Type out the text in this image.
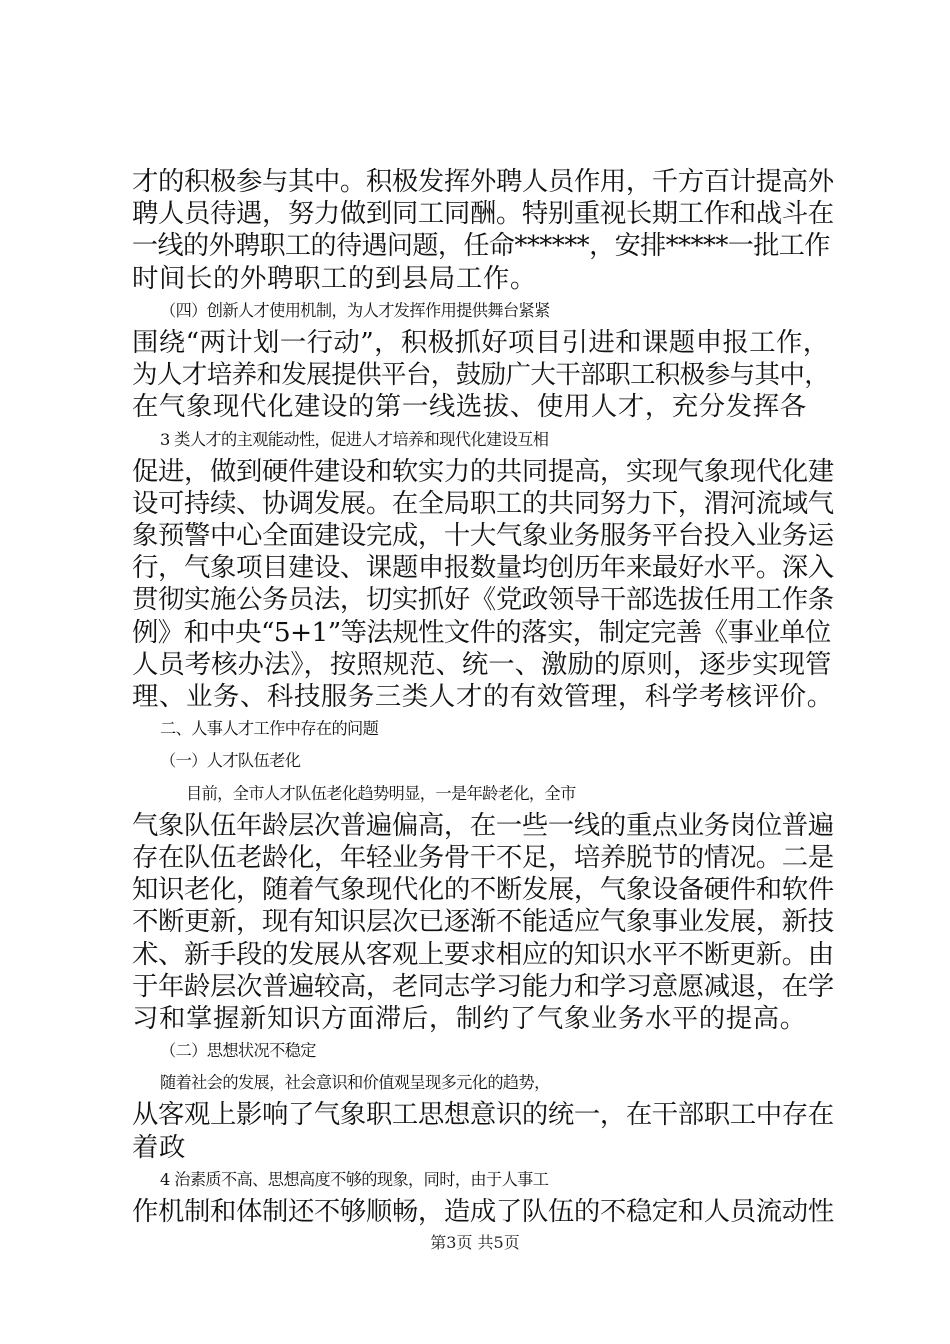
才的积极参与其中。积极发挥外聘人员作用，千方百计提高外
聘人员待遇，努力做到同工同酬。特别重视长期工作和战斗在
一线的外聘职工的待遇问题，任命******，安排*****一批工作
时间长的外聘职工的到县局工作。
（四）创新人才使用机制，为人才发挥作用提供舞台紧紧
围绕“两计划一行动”，积极抓好项目引进和课题申报工作，
为人才培养和发展提供平台，鼓励广大干部职工积极参与其中，
在气象现代化建设的第一线选拔、使用人才，充分发挥各
3 类人才的主观能动性，促进人才培养和现代化建设互相
促进，做到硬件建设和软实力的共同提高，实现气象现代化建
设可持续、协调发展。在全局职工的共同努力下，渭河流域气
象预警中心全面建设完成，十大气象业务服务平台投入业务运
行，气象项目建设、课题申报数量均创历年来最好水平。深入
贯彻实施公务员法，切实抓好《党政领导干部选拔任用工作条
例》和中央“5+1”等法规性文件的落实，制定完善《事业单位
人员考核办法》，按照规范、统一、激励的原则，逐步实现管
理、业务、科技服务三类人才的有效管理，科学考核评价。
二、人事人才工作中存在的问题
（一）人才队伍老化
目前，全市人才队伍老化趋势明显，一是年龄老化，全市
气象队伍年龄层次普遍偏高，在一些一线的重点业务岗位普遍
存在队伍老龄化，年轻业务骨干不足，培养脱节的情况。二是
知识老化，随着气象现代化的不断发展，气象设备硬件和软件
不断更新，现有知识层次已逐渐不能适应气象事业发展，新技
术、新手段的发展从客观上要求相应的知识水平不断更新。由
于年龄层次普遍较高，老同志学习能力和学习意愿减退，在学
习和掌握新知识方面滞后，制约了气象业务水平的提高。
（二）思想状况不稳定
随着社会的发展，社会意识和价值观呈现多元化的趋势，
从客观上影响了气象职工思想意识的统一，在干部职工中存在
着政
4 治素质不高、思想高度不够的现象，同时，由于人事工
作机制和体制还不够顺畅，造成了队伍的不稳定和人员流动性
第3页 共5页
